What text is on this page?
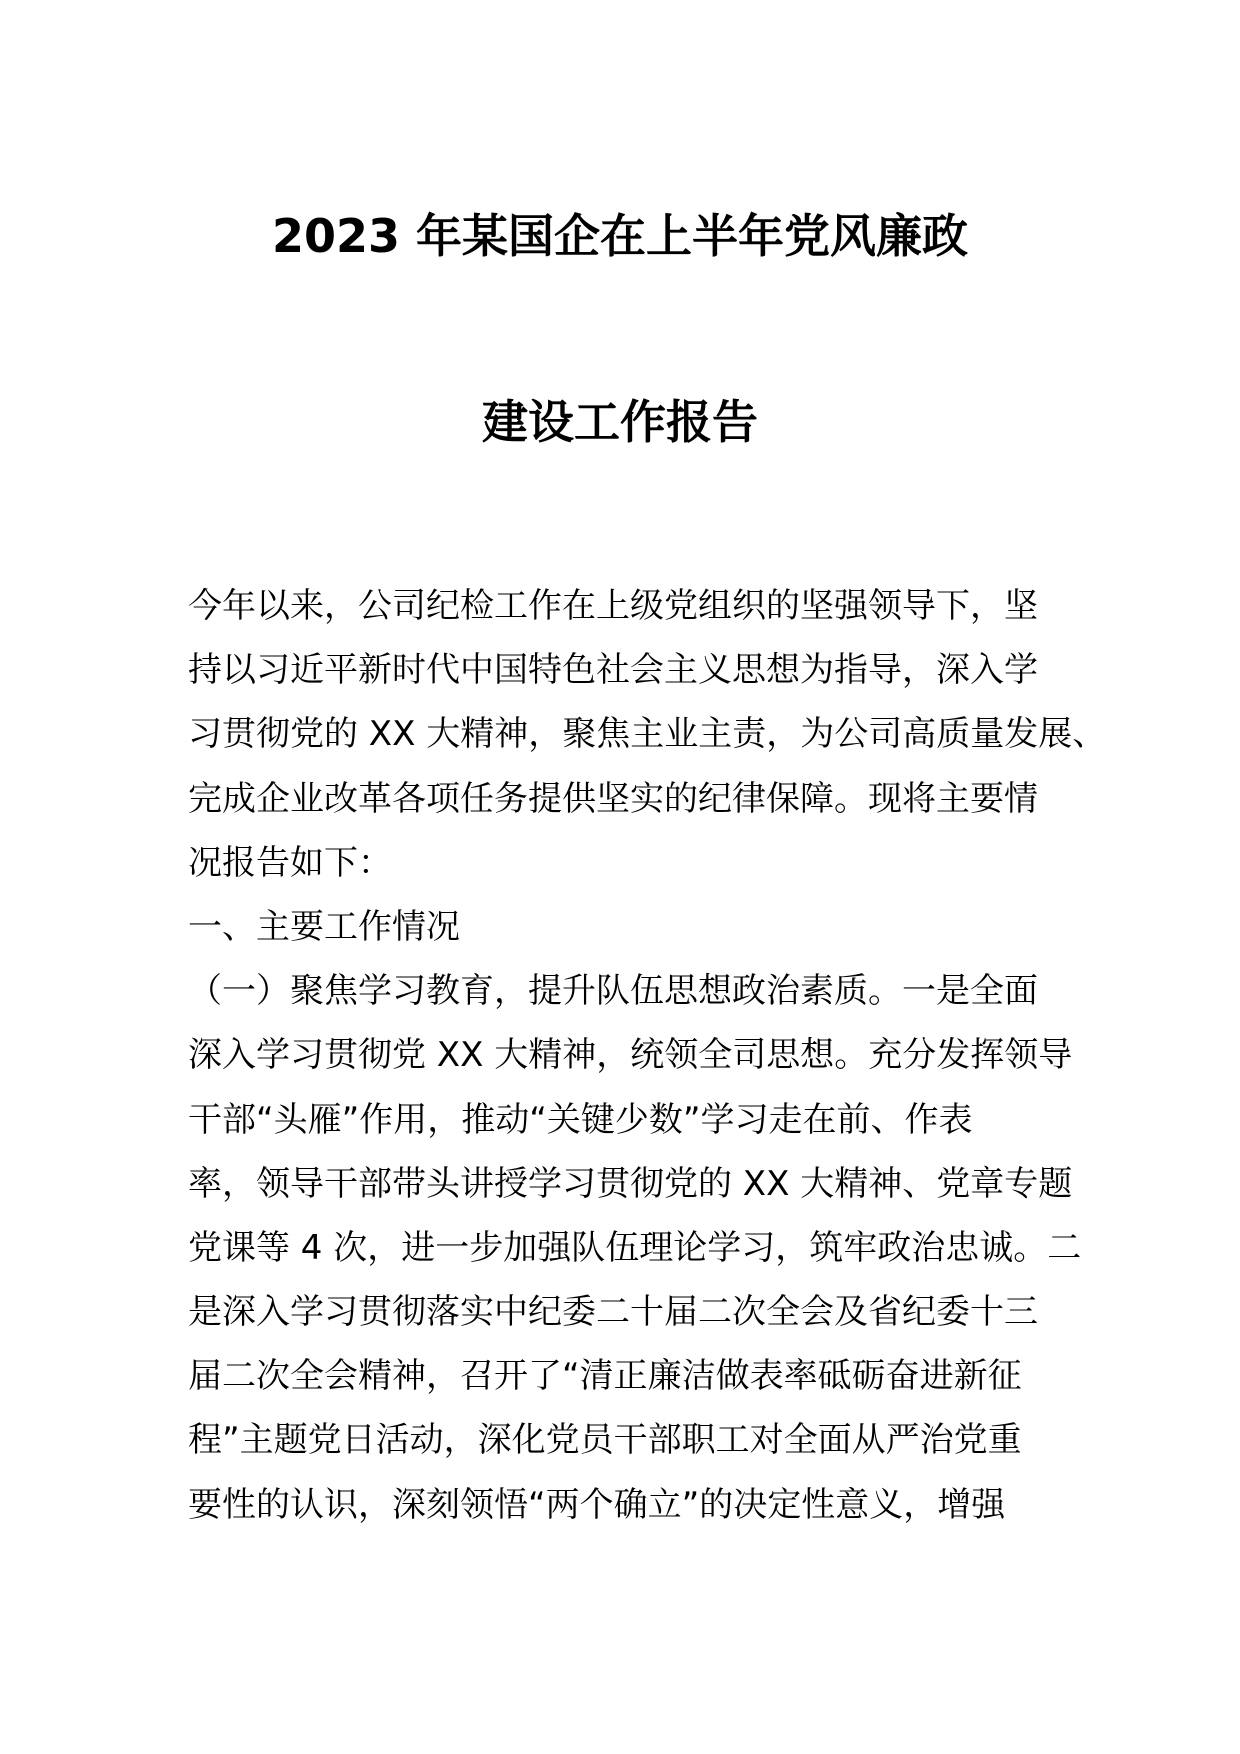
2023 年某国企在上半年党风廉政
建设工作报告
今年以来，公司纪检工作在上级党组织的坚强领导下，坚
持以习近平新时代中国特色社会主义思想为指导，深入学
习贯彻党的 XX 大精神，聚焦主业主责，为公司高质量发展、
完成企业改革各项任务提供坚实的纪律保障。现将主要情
况报告如下：
一、主要工作情况
（一）聚焦学习教育，提升队伍思想政治素质。一是全面
深入学习贯彻党 XX 大精神，统领全司思想。充分发挥领导
干部“头雁”作用，推动“关键少数”学习走在前、作表
率，领导干部带头讲授学习贯彻党的 XX 大精神、党章专题
党课等 4 次，进一步加强队伍理论学习，筑牢政治忠诚。二
是深入学习贯彻落实中纪委二十届二次全会及省纪委十三
届二次全会精神，召开了“清正廉洁做表率砥砺奋进新征
程”主题党日活动，深化党员干部职工对全面从严治党重
要性的认识，深刻领悟“两个确立”的决定性意义，增强
